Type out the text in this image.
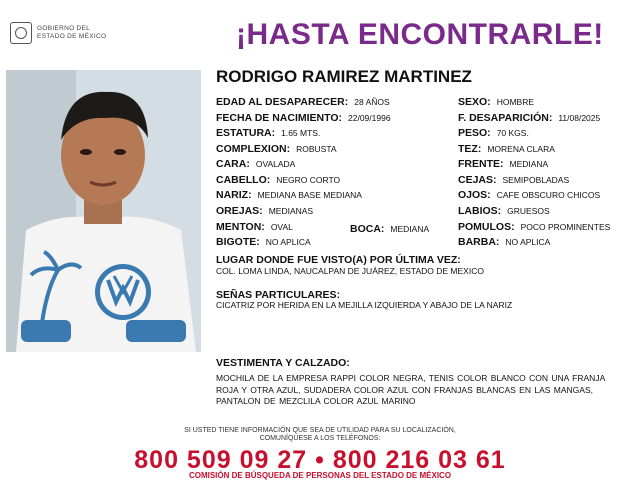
GOBIERNO DEL
ESTADO DE MÉXICO	¡HASTA ENCONTRARLE!
RODRIGO RAMIREZ MARTINEZ
EDAD AL DESAPARECER: 28 AÑOS
FECHA DE NACIMIENTO: 22/09/1996
ESTATURA: 1.65 MTS.
COMPLEXION: ROBUSTA
CARA: OVALADA
CABELLO: NEGRO CORTO
NARIZ: MEDIANA BASE MEDIANA
OREJAS: MEDIANAS
MENTON: OVAL
BIGOTE: NO APLICA
BOCA: MEDIANA
SEXO: HOMBRE
F. DESAPARICIÓN: 11/08/2025
PESO: 70 KGS.
TEZ: MORENA CLARA
FRENTE: MEDIANA
CEJAS: SEMIPOBLADAS
OJOS: CAFE OBSCURO CHICOS
LABIOS: GRUESOS
POMULOS: POCO PROMINENTES
BARBA: NO APLICA
LUGAR DONDE FUE VISTO(A) POR ÚLTIMA VEZ:
COL. LOMA LINDA, NAUCALPAN DE JUÁREZ, ESTADO DE MEXICO
SEÑAS PARTICULARES:
CICATRIZ POR HERIDA EN LA MEJILLA IZQUIERDA Y ABAJO DE LA NARIZ
VESTIMENTA Y CALZADO:
MOCHILA DE LA EMPRESA RAPPI COLOR NEGRA, TENIS COLOR BLANCO CON UNA FRANJA ROJA Y OTRA AZUL, SUDADERA COLOR AZUL CON FRANJAS BLANCAS EN LAS MANGAS, PANTALON DE MEZCLILA COLOR AZUL MARINO
SI USTED TIENE INFORMACIÓN QUE SEA DE UTILIDAD PARA SU LOCALIZACIÓN,
COMUNÍQUESE A LOS TELÉFONOS:
800 509 09 27 • 800 216 03 61
COMISIÓN DE BÚSQUEDA DE PERSONAS DEL ESTADO DE MÉXICO
